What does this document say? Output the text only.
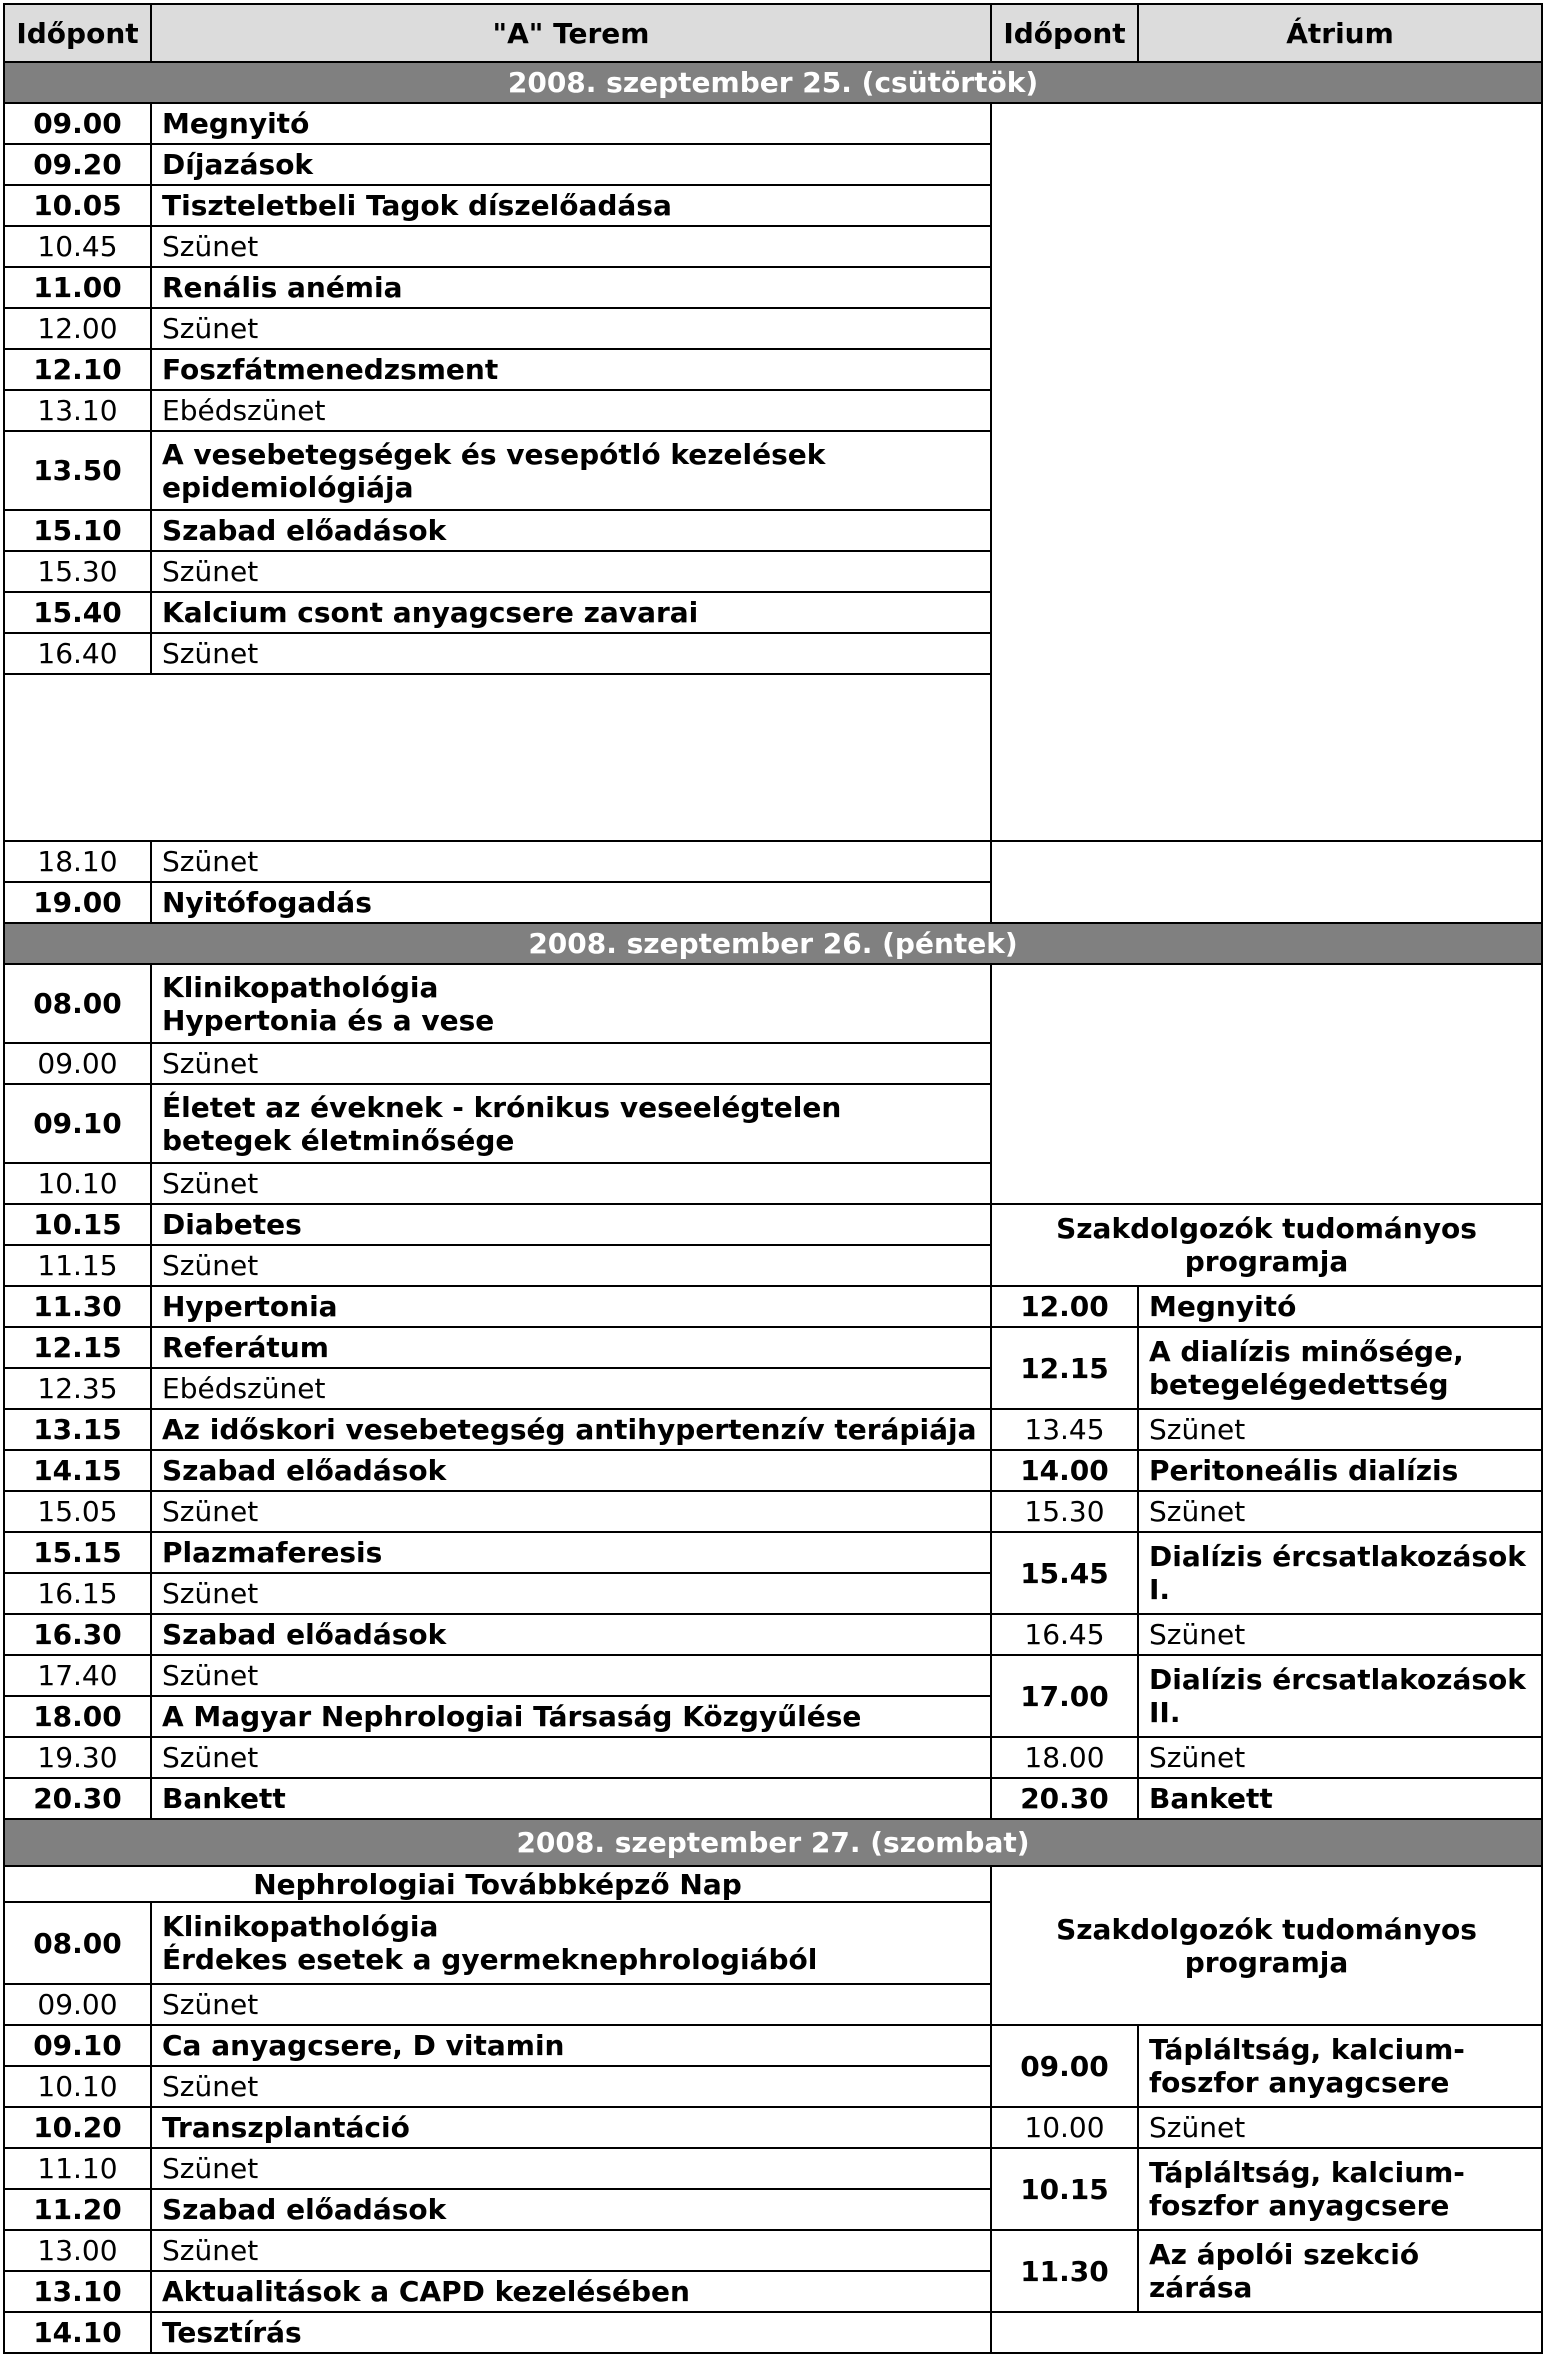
Időpont	"A" Terem	Időpont	Átrium	
2008. szeptember 25. (csütörtök)				
09.00	Megnyitó			
09.20	Díjazások			
10.05	Tiszteletbeli Tagok díszelőadása			
10.45	Szünet			
11.00	Renális anémia			
12.00	Szünet			
12.10	Foszfátmenedzsment			
13.10	Ebédszünet			
13.50	A vesebetegségek és vesepótló kezelések epidemiológiája			
15.10	Szabad előadások			
15.30	Szünet			
15.40	Kalcium csont anyagcsere zavarai			
16.40	Szünet			

18.10	Szünet			
19.00	Nyitófogadás			
2008. szeptember 26. (péntek)				
08.00	Klinikopathológia
Hypertonia és a vese			
09.00	Szünet			
09.10	Életet az éveknek - krónikus veseelégtelen betegek életminősége			
10.10	Szünet			
10.15	Diabetes	Szakdolgozók tudományos
programja		
11.15	Szünet			
11.30	Hypertonia	12.00	Megnyitó	
12.15	Referátum	12.15	A dialízis minősége, betegelégedettség	
12.35	Ebédszünet			
13.15	Az időskori vesebetegség antihypertenzív terápiája	13.45	Szünet	
14.15	Szabad előadások	14.00	Peritoneális dialízis	
15.05	Szünet	15.30	Szünet	
15.15	Plazmaferesis	15.45	Dialízis ércsatlakozások I.	
16.15	Szünet			
16.30	Szabad előadások	16.45	Szünet	
17.40	Szünet	17.00	Dialízis ércsatlakozások II.	
18.00	A Magyar Nephrologiai Társaság Közgyűlése			
19.30	Szünet	18.00	Szünet	
20.30	Bankett	20.30	Bankett	
2008. szeptember 27. (szombat)				
Nephrologiai Továbbképző Nap		Szakdolgozók tudományos
programja		
08.00	Klinikopathológia
Érdekes esetek a gyermeknephrologiából			
09.00	Szünet			
09.10	Ca anyagcsere, D vitamin	09.00	Tápláltság, kalcium-foszfor anyagcsere	
10.10	Szünet			
10.20	Transzplantáció	10.00	Szünet	
11.10	Szünet	10.15	Tápláltság, kalcium-foszfor anyagcsere	
11.20	Szabad előadások			
13.00	Szünet	11.30	Az ápolói szekció zárása	
13.10	Aktualitások a CAPD kezelésében			
14.10	Tesztírás			
